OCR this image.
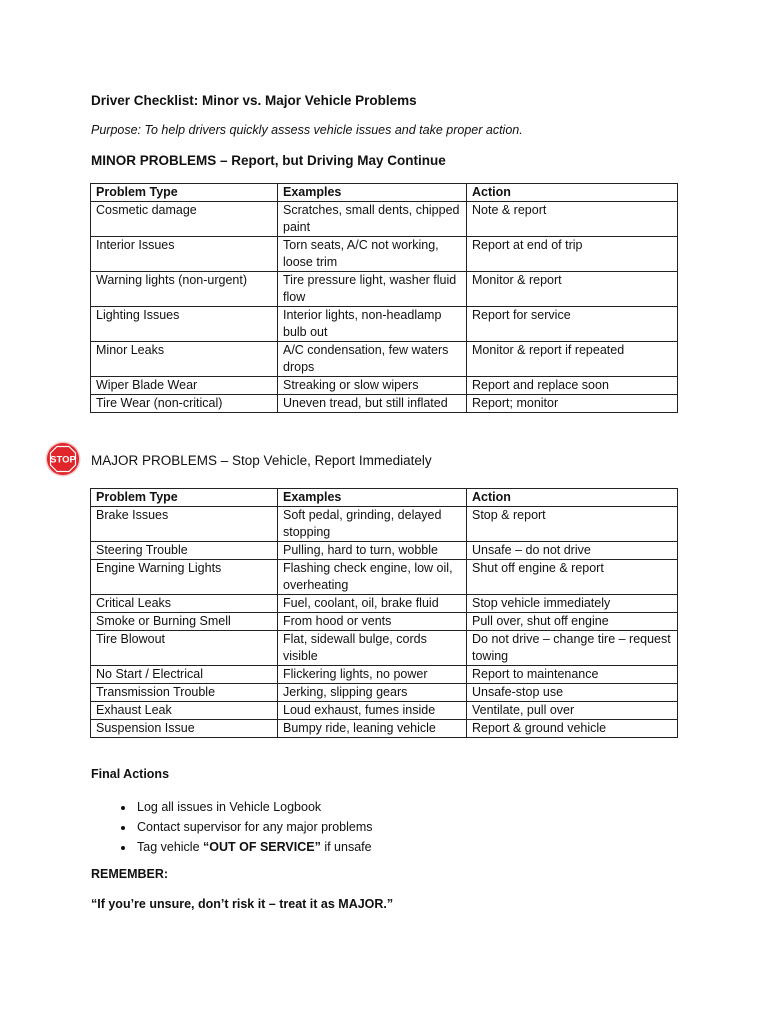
Driver Checklist: Minor vs. Major Vehicle Problems
Purpose: To help drivers quickly assess vehicle issues and take proper action.
MINOR PROBLEMS – Report, but Driving May Continue
Problem Type	Examples	Action
Cosmetic damage	Scratches, small dents, chipped paint	Note & report
Interior Issues	Torn seats, A/C not working, loose trim	Report at end of trip
Warning lights (non-urgent)	Tire pressure light, washer fluid flow	Monitor & report
Lighting Issues	Interior lights, non-headlamp bulb out	Report for service
Minor Leaks	A/C condensation, few waters drops	Monitor & report if repeated
Wiper Blade Wear	Streaking or slow wipers	Report and replace soon
Tire Wear (non-critical)	Uneven tread, but still inflated	Report; monitor
STOP MAJOR PROBLEMS – Stop Vehicle, Report Immediately
Problem Type	Examples	Action
Brake Issues	Soft pedal, grinding, delayed stopping	Stop & report
Steering Trouble	Pulling, hard to turn, wobble	Unsafe – do not drive
Engine Warning Lights	Flashing check engine, low oil, overheating	Shut off engine & report
Critical Leaks	Fuel, coolant, oil, brake fluid	Stop vehicle immediately
Smoke or Burning Smell	From hood or vents	Pull over, shut off engine
Tire Blowout	Flat, sidewall bulge, cords visible	Do not drive – change tire – request towing
No Start / Electrical	Flickering lights, no power	Report to maintenance
Transmission Trouble	Jerking, slipping gears	Unsafe-stop use
Exhaust Leak	Loud exhaust, fumes inside	Ventilate, pull over
Suspension Issue	Bumpy ride, leaning vehicle	Report & ground vehicle
Final Actions
• Log all issues in Vehicle Logbook
• Contact supervisor for any major problems
• Tag vehicle “OUT OF SERVICE” if unsafe
REMEMBER:
“If you’re unsure, don’t risk it – treat it as MAJOR.”
